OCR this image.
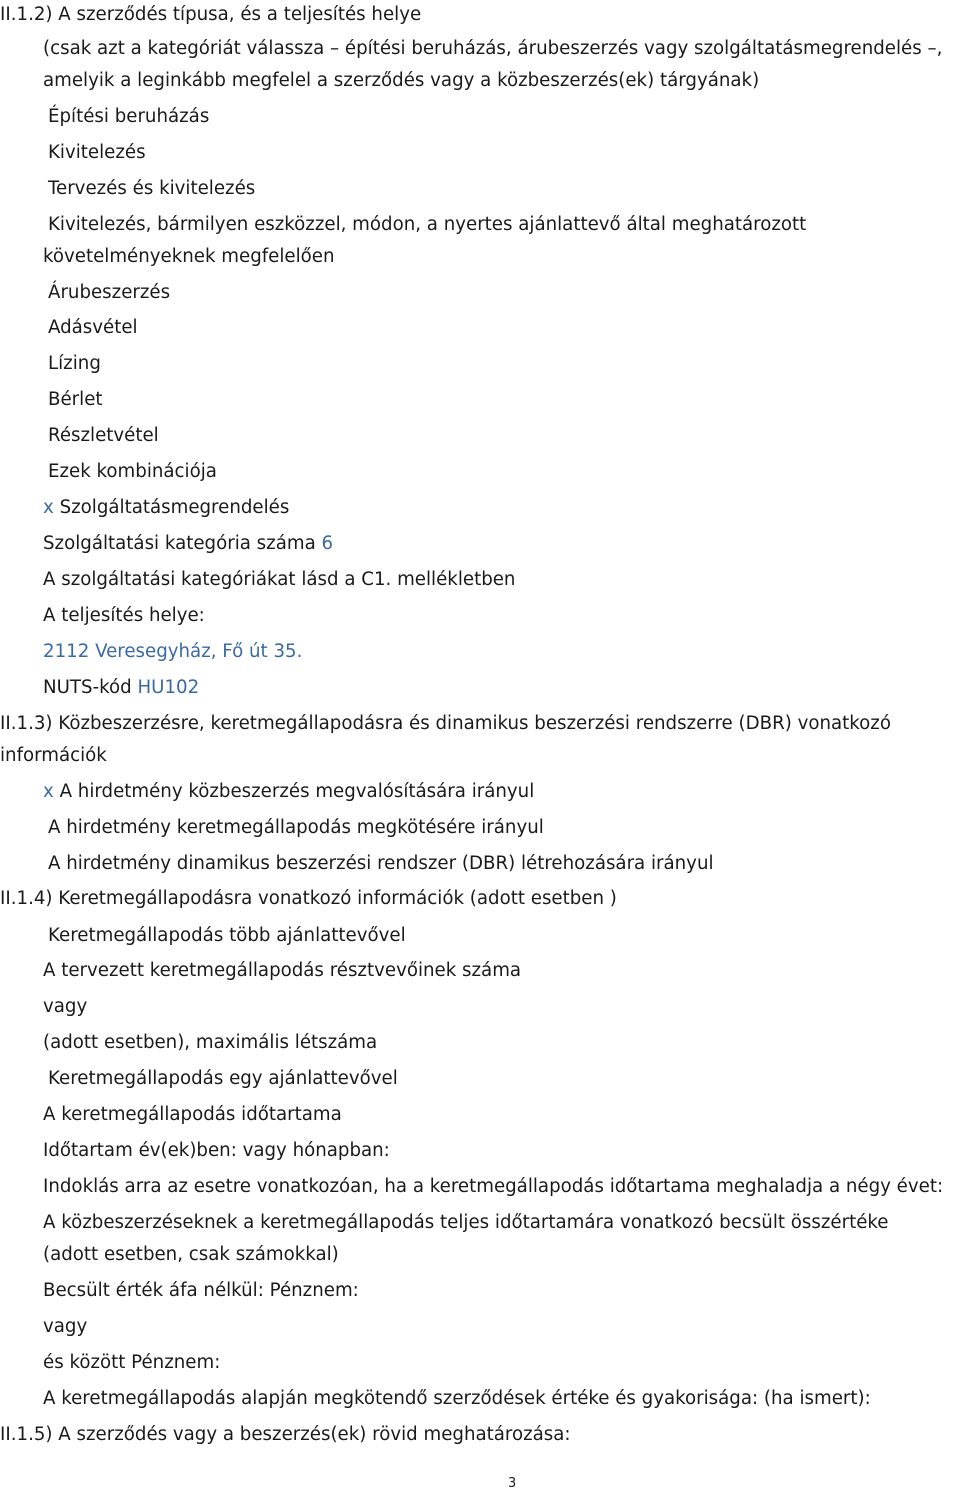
II.1.2) A szerződés típusa, és a teljesítés helye
(csak azt a kategóriát válassza – építési beruházás, árubeszerzés vagy szolgáltatásmegrendelés –,
amelyik a leginkább megfelel a szerződés vagy a közbeszerzés(ek) tárgyának)
Építési beruházás
Kivitelezés
Tervezés és kivitelezés
Kivitelezés, bármilyen eszközzel, módon, a nyertes ajánlattevő által meghatározott
követelményeknek megfelelően
Árubeszerzés
Adásvétel
Lízing
Bérlet
Részletvétel
Ezek kombinációja
x Szolgáltatásmegrendelés
Szolgáltatási kategória száma 6
A szolgáltatási kategóriákat lásd a C1. mellékletben
A teljesítés helye:
2112 Veresegyház, Fő út 35.
NUTS-kód HU102
II.1.3) Közbeszerzésre, keretmegállapodásra és dinamikus beszerzési rendszerre (DBR) vonatkozó
információk
x A hirdetmény közbeszerzés megvalósítására irányul
A hirdetmény keretmegállapodás megkötésére irányul
A hirdetmény dinamikus beszerzési rendszer (DBR) létrehozására irányul
II.1.4) Keretmegállapodásra vonatkozó információk (adott esetben )
Keretmegállapodás több ajánlattevővel
A tervezett keretmegállapodás résztvevőinek száma
vagy
(adott esetben), maximális létszáma
Keretmegállapodás egy ajánlattevővel
A keretmegállapodás időtartama
Időtartam év(ek)ben: vagy hónapban:
Indoklás arra az esetre vonatkozóan, ha a keretmegállapodás időtartama meghaladja a négy évet:
A közbeszerzéseknek a keretmegállapodás teljes időtartamára vonatkozó becsült összértéke
(adott esetben, csak számokkal)
Becsült érték áfa nélkül: Pénznem:
vagy
és között Pénznem:
A keretmegállapodás alapján megkötendő szerződések értéke és gyakorisága: (ha ismert):
II.1.5) A szerződés vagy a beszerzés(ek) rövid meghatározása:
3
